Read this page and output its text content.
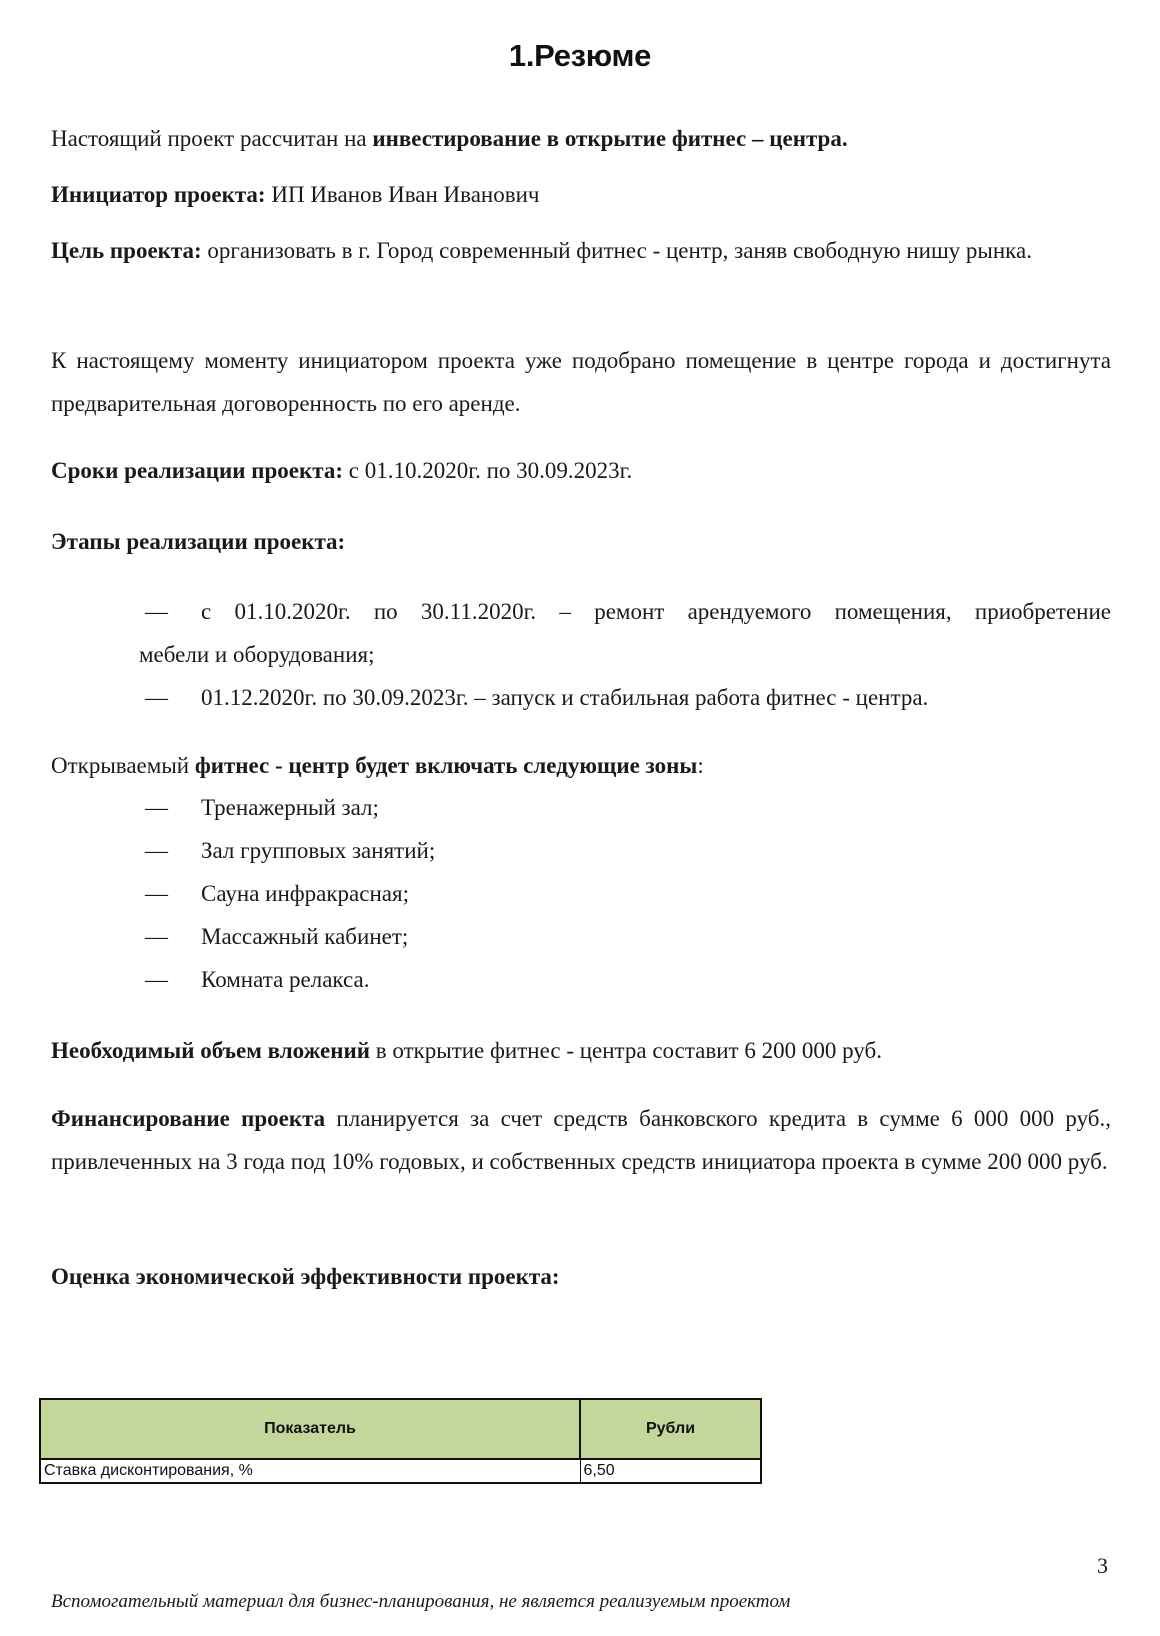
1.Резюме

Настоящий проект рассчитан на инвестирование в открытие фитнес – центра.

Инициатор проекта: ИП Иванов Иван Иванович

Цель проекта: организовать в г. Город современный фитнес - центр, заняв свободную нишу рынка.

К настоящему моменту инициатором проекта уже подобрано помещение в центре города и достигнута предварительная договоренность по его аренде.

Сроки реализации проекта: с 01.10.2020г. по 30.09.2023г.

Этапы реализации проекта:

— с 01.10.2020г. по 30.11.2020г. – ремонт арендуемого помещения, приобретение
мебели и оборудования;
— 01.12.2020г. по 30.09.2023г. – запуск и стабильная работа фитнес - центра.

Открываемый фитнес - центр будет включать следующие зоны:

— Тренажерный зал;
— Зал групповых занятий;
— Сауна инфракрасная;
— Массажный кабинет;
— Комната релакса.

Необходимый объем вложений в открытие фитнес - центра составит 6 200 000 руб.

Финансирование проекта планируется за счет средств банковского кредита в сумме 6 000 000 руб., привлеченных на 3 года под 10% годовых, и собственных средств инициатора проекта в сумме 200 000 руб.

Оценка экономической эффективности проекта:

Показатель	Рубли
Ставка дисконтирования, %	6,50
3
Вспомогательный материал для бизнес-планирования, не является реализуемым проектом
